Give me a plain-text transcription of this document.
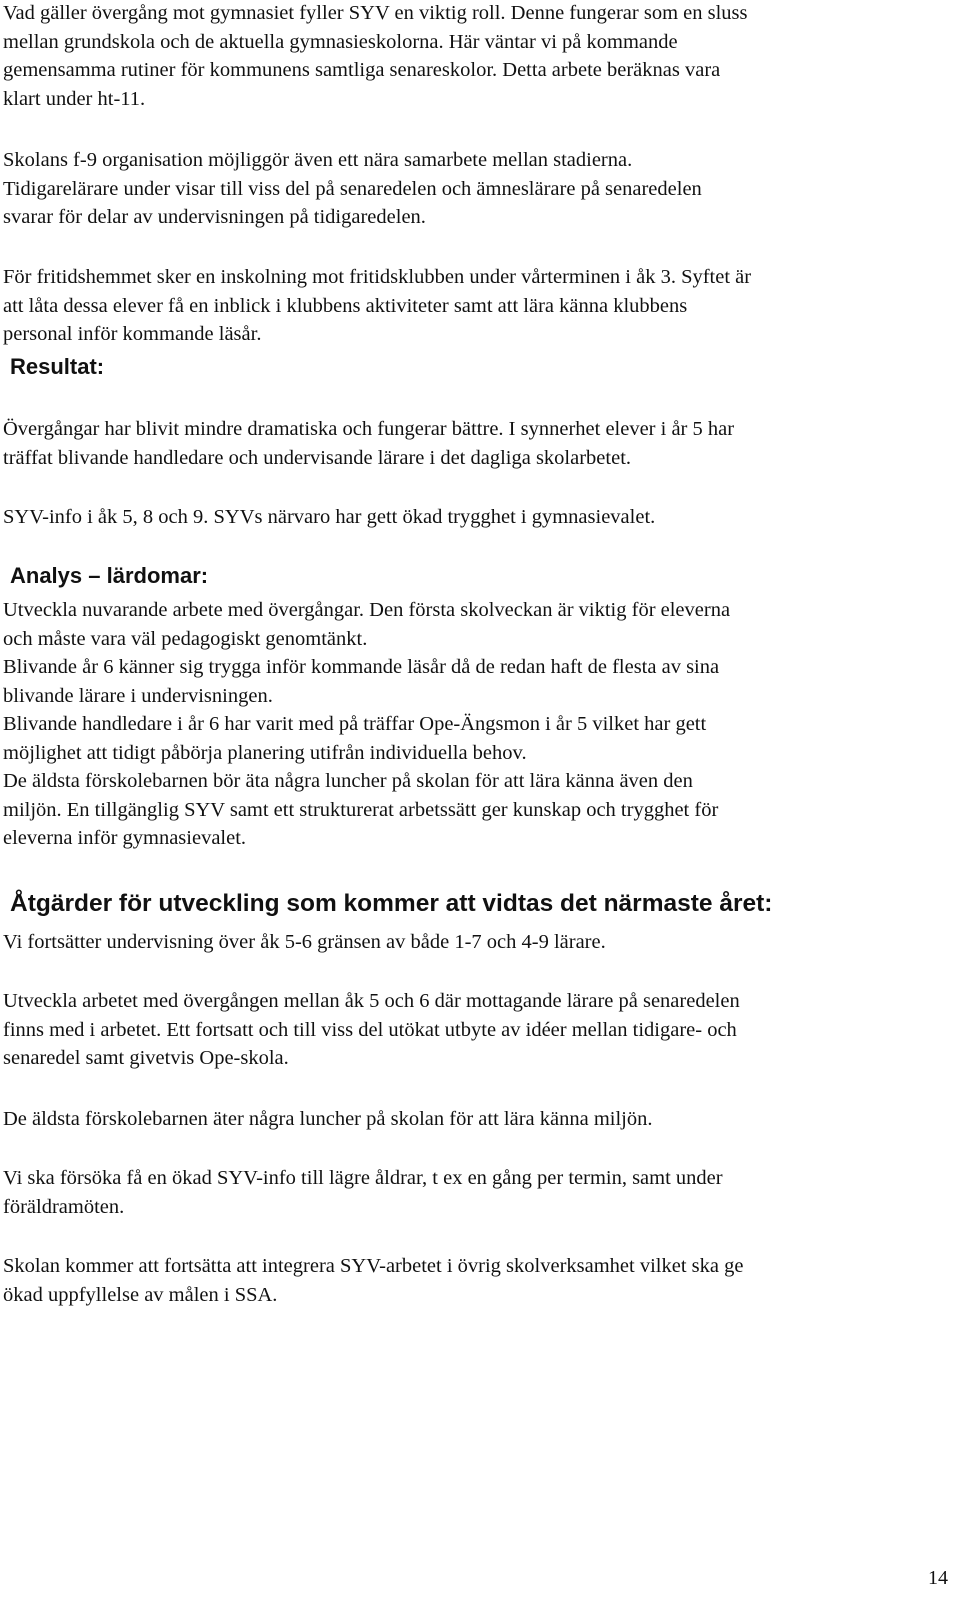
Vad gäller övergång mot gymnasiet fyller SYV en viktig roll. Denne fungerar som en sluss
mellan grundskola och de aktuella gymnasieskolorna. Här väntar vi på kommande
gemensamma rutiner för kommunens samtliga senareskolor. Detta arbete beräknas vara
klart under ht-11.

Skolans f-9 organisation möjliggör även ett nära samarbete mellan stadierna.
Tidigarelärare under visar till viss del på senaredelen och ämneslärare på senaredelen
svarar för delar av undervisningen på tidigaredelen.

För fritidshemmet sker en inskolning mot fritidsklubben under vårterminen i åk 3. Syftet är
att låta dessa elever få en inblick i klubbens aktiviteter samt att lära känna klubbens
personal inför kommande läsår.

Resultat:

Övergångar har blivit mindre dramatiska och fungerar bättre. I synnerhet elever i år 5 har
träffat blivande handledare och undervisande lärare i det dagliga skolarbetet.

SYV-info i åk 5, 8 och 9. SYVs närvaro har gett ökad trygghet i gymnasievalet.

Analys – lärdomar:

Utveckla nuvarande arbete med övergångar. Den första skolveckan är viktig för eleverna
och måste vara väl pedagogiskt genomtänkt.
Blivande år 6 känner sig trygga inför kommande läsår då de redan haft de flesta av sina
blivande lärare i undervisningen.
Blivande handledare i år 6 har varit med på träffar Ope-Ängsmon i år 5 vilket har gett
möjlighet att tidigt påbörja planering utifrån individuella behov.
De äldsta förskolebarnen bör äta några luncher på skolan för att lära känna även den
miljön. En tillgänglig SYV samt ett strukturerat arbetssätt ger kunskap och trygghet för
eleverna inför gymnasievalet.

Åtgärder för utveckling som kommer att vidtas det närmaste året:

Vi fortsätter undervisning över åk 5-6 gränsen av både 1-7 och 4-9 lärare.

Utveckla arbetet med övergången mellan åk 5 och 6 där mottagande lärare på senaredelen
finns med i arbetet. Ett fortsatt och till viss del utökat utbyte av idéer mellan tidigare- och
senaredel samt givetvis Ope-skola.

De äldsta förskolebarnen äter några luncher på skolan för att lära känna miljön.

Vi ska försöka få en ökad SYV-info till lägre åldrar, t ex en gång per termin, samt under
föräldramöten.

Skolan kommer att fortsätta att integrera SYV-arbetet i övrig skolverksamhet vilket ska ge
ökad uppfyllelse av målen i SSA.

14
